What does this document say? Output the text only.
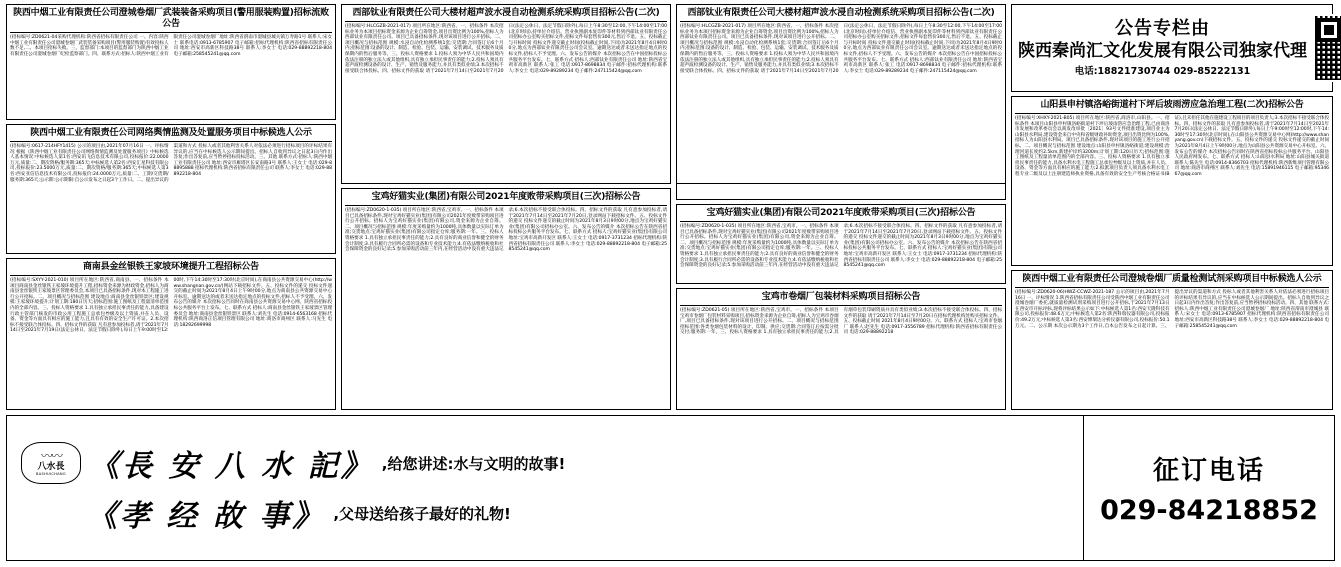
陕西中烟工业有限责任公司澄城卷烟厂武装装备采购项目(警用服装购置)招标流败公告
(招标编号:ZD0621-04采购代理机构:陕西省招标有限责任公司 一、内容:陕西中烟工业有限责任公司澄城卷烟厂武装装备采购项目(警用服装购置)有效投标人数不足,二、本项目招标失败。三、监督部门:本项目的监督部门为陕西中烟工业有限责任公司澄城卷烟厂纪检监察部门。四、联系方式:招标人:陕西中烟工业有限责任公司澄城卷烟厂地址:陕西省渭南市澄城县城关镇万寿路1号 联系人:宋女士 联系电话:0913-6785907 电子邮箱:招标代理机构:陕西省招标有限责任公司 地址:西安市高新区科技路38号 联系人:李女士 电话:029-88892218-804 电子邮箱:258545241@qq.com
陕西中烟工业有限责任公司网络舆情监测及处置服务项目中标候选人公示
(招标编号:0617-214HFY1415) 公示的项目由,2021年07月16日 一、评标情况 根据《陕西中烟工业有限责任公司网络舆情监测及处置服务项目》中标候选人基本情况:中标候选人第1名:西安讯飞信息技术有限公司,投标报价:22.0000万元,质量:二、期次资格/服务期:365天;中标候选人第2名:西安汇星科技有限公司,投标报价:23.5000万元,质量:二、期次资格/服务期:365天;中标候选人第3名:西安亚信信息技术有限公司,投标报价:24.0000万元,质量:二、工期/交货期/服务期:365天;公示期:公示期限:自公示发布之日起3个工作日。二、提出异议的渠道和方式 投标人或者其他利害关系人对依法必须进行招标项目的评标结果有异议的,应当在中标候选人公示期间提出。招标人自收到异议之日起3日内作出答复;作出答复前,应当暂停招标投标活动。三、其他 联系方式:招标人:陕西中烟工业有限责任公司 地址:西安市雁塔区长安南路3号 联系人:王女士 电话:029-88895888 招标代理机构:陕西省招标有限责任公司 联系人:李女士 电话:029-88892218-804
商南县金丝银铁王家坡环境提升工程招标公告
(招标编号:SXYY-2021-010) 项目所在地区:陕西省,商南县。一、招标条件 本项目商南县金丝银铁王家坡环境提升工程,招标资金来源为财政资金,招标人为商南县金丝银铁王家坡景区管理委员会,本项目已具备招标条件,现对本工程施工进行公开招标。二、项目概况与招标范围 建设地点:商南县金丝银铁景区;建设规模:王家坡环境提升;计划工期:180日历天;招标范围:施工图纸及工程量清单范围内的全部内容。三、投标人资格要求 1.具有独立承担民事责任的能力,具备建设行政主管部门核发的市政公用工程施工总承包叁级及以上资质,并在人员、设备、资金等方面具有相应的施工能力,且具有有效的安全生产许可证。2.本次招标不接受联合体投标。四、招标文件的获取 凡有意参加投标者,请于2021年7月14日至2021年7月19日(法定公休日、法定节假日除外),每日上午9:00时至12:00时,下午14:30时至17:30时(北京时间),在商南县公共资源交易中心(http://www.shangnan.gov.cn/)网站下载招标文件。五、投标文件的递交 投标文件递交的截止时间为2021年8月4日上午9时00分,地点为商南县公共资源交易中心开标室。逾期送达的或者未送达指定地点的投标文件,招标人不予受理。六、发布公告的媒介 本次招标公告同时在商南县公共资源交易中心网、陕西省招标投标公共服务平台上发布。七、联系方式 招标人:商南县金丝银铁王家坡景区管理委员会 地址:商南县金丝银铁景区 联系人:刘先生 电话:0914-6563168 招标代理机构:陕西商洛正信项目管理有限公司 地址:商洛市商州区 联系人:马先生 电话:18292699998
西部钛业有限责任公司大楼材超声波水浸自动检测系统采购项目招标公告(二次)
(招标编号:HLCGZB-2021-017) 项目所在地区:陕西省。一、招标条件 本次招标业务为本项目招标资金来源为企业自筹资金,项目出资比例为100%,招标人为西部钛业有限责任公司。项目已具备招标条件,现对该项目进行公开招标。二、项目概况与招标范围 规模:水浸自动化检测系统1套;交货期:合同签订后6个月内;招标范围:设备的设计、制造、检验、包装、运输、安装调试、技术服务及质保期内的售后服务等。三、投标人资格要求 1.投标人须为中华人民共和国境内依法注册的独立法人或其他组织,具有独立承担民事责任的能力;2.投标人须具有超声波检测设备的设计、生产、销售及服务能力,并具有类似业绩;3.本次招标不接受联合体投标。四、招标文件的获取 请于2021年7月14日至2021年7月20日(法定公休日、法定节假日除外),每日上午8:30至12:00,下午14:00至17:00(北京时间),持单位介绍信、营业执照副本复印件等材料到西部钛业有限责任公司招标办公室购买招标文件,招标文件每套售价300元,售后不退。五、投标截止与开标时间 投标文件递交截止时间(投标截止时间,下同)为2021年8月4日9时00分,地点为西部钛业有限责任公司会议室。逾期送达或者未送达指定地点的投标文件,招标人不予受理。六、发布公告的媒介 本次招标公告在中国招标投标公共服务平台发布。七、联系方式 招标人:西部钛业有限责任公司 地址:陕西省宝鸡市高新区 联系人:张工 电话:0917-8698834 电子邮件:招标代理机构:联系人:李女士 电话:029-89289234 电子邮件:247115424@qq.com
宝鸡好猫实业(集团)有限公司2021年度败带采购项目(三次)招标公告
(招标编号:ZD0620-1-035) 项目所在地区:陕西省,宝鸡市。一、招标条件 本项目已具备招标条件,现对宝鸡好猫实业(集团)有限公司2021年度败带采购项目进行公开招标。招标人为宝鸡好猫实业(集团)有限公司,资金来源为企业自筹。二、项目概况与招标范围 规模:年度采购量约为1000吨,具体数量以实际订单为准;交货地点:宝鸡好猫实业(集团)有限公司指定仓库;服务期:一年。三、投标人资格要求 1.具有独立承担民事责任的能力;2.具有良好的商业信誉和健全的财务会计制度;3.具有履行合同所必需的设备和专业技术能力;4.有依法缴纳税收和社会保障资金的良好记录;5.参加采购活动前三年内,在经营活动中没有重大违法记录;6.本次招标不接受联合体投标。四、招标文件的获取 凡有意参加投标者,请于2021年7月14日至2021年7月20日,登录网站下载招标文件。五、投标文件的递交 投标文件递交的截止时间为2021年8月3日9时00分,地点为宝鸡好猫实业(集团)有限公司招标办公室。六、发布公告的媒介 本次招标公告在陕西省招标投标公共服务平台发布。七、联系方式 招标人:宝鸡好猫实业(集团)有限公司 地址:宝鸡市高新开发区 联系人:王女士 电话:0917-3731234 招标代理机构:陕西省招标有限责任公司 联系人:李女士 电话:029-88892218-804 电子邮箱:258545241@qq.com
公告专栏由
陕西秦尚汇文化发展有限公司独家代理
电话:18821730744 029-85222131
山阳县申村镇洛峪街道村下坪后坡雨涝应急治理工程(二次)招标公告
(招标编号:XHXY-2021-B05) 项目所在地区:陕西省,商洛市,山阳县。一、招标条件 本项目山阳县申村镇洛峪街道村下坪后坡雨涝应急治理工程,已由商洛市发展和改革委员会以商发改审批〔2021〕93号文件批准建设,项目业主为山阳县水利局,建设资金来自中央和省级财政补助资金,项目出资比例为100%,招标人为山阳县水利局。项目已具备招标条件,现对该项目的施工进行公开招标。二、项目概况与招标范围 建设地点:山阳县申村镇洛峪街道;建设规模:治理河道长度约2.5km,新建护岸约3200m;计划工期:120日历天;招标范围:施工图纸及工程量清单范围内的全部内容。三、投标人资格要求 1.具有独立承担民事责任的能力,具备水利水电工程施工总承包叁级及以上资质,并在人员、设备、资金等方面具有相应的施工能力;2.拟派项目负责人须具备水利水电工程专业二级及以上注册建造师执业资格,具备有效的安全生产考核合格证书(B证),且未担任其他在施建设工程项目的项目负责人;3.本次招标不接受联合体投标。四、招标文件的获取 凡有意参加投标者,请于2021年7月14日至2021年7月20日(法定公休日、法定节假日除外),每日上午9:00时至12:00时,下午14:30时至17:30时(北京时间),在山阳县公共资源交易中心网(http://www.shanyang.gov.cn)下载招标文件。五、投标文件的递交 投标文件递交的截止时间为2021年8月4日上午9时00分,地点为山阳县公共资源交易中心开标室。六、发布公告的媒介 本次招标公告同时在陕西省招标投标公共服务平台、山阳县人民政府网发布。七、联系方式 招标人:山阳县水利局 地址:山阳县城关街道 联系人:陈先生 电话:0914-8366703 招标代理机构:陕西新维项目管理有限公司 地址:商洛市商州区 联系人:刘先生 电话:15891946115 电子邮箱:9534667@qq.com
陕西中烟工业有限责任公司澄城卷烟厂质量检测试剂采购项目中标候选人公示
(招标编号:ZD0620-06)HWZ-CCWZ-2021-187 公示的项目由,2021年7月16日 一、评标情况 1.陕西省招标有限责任公司受陕西中烟工业有限责任公司澄城卷烟厂委托,就质量检测试剂采购项目进行公开招标,于2021年7月13日在西安市开标评标,现将评标结果公示如下:中标候选人第1名:西安天隆科技有限公司,投标报价:48.6万元;中标候选人第2名:陕西科瑞仪器有限公司,投标报价:49.2万元;中标候选人第3名:西安博瑞达分析仪器有限公司,投标报价:50.1万元。二、公示期 本次公示期为3个工作日,自本公告发布之日起计算。三、提出异议的渠道和方式 投标人或者其他利害关系人对依法必须进行招标项目的评标结果有异议的,应当在中标候选人公示期间提出。招标人自收到异议之日起3日内作出答复;作出答复前,应当暂停招标投标活动。四、其他 联系方式:招标人:陕西中烟工业有限责任公司澄城卷烟厂 地址:陕西省渭南市澄城县 联系人:宋女士 电话:0913-6785907 招标代理机构:陕西省招标有限责任公司 地址:西安市高新区科技路38号 联系人:李女士 电话:029-88892218-804 电子邮箱:258545241@qq.com
西部钛业有限责任公司大楼材超声波水浸自动检测系统采购项目招标公告(二次)
(招标编号:HLCGZB-2021-017) 项目所在地区:陕西省。一、招标条件 本次招标业务为本项目招标资金来源为企业自筹资金,项目出资比例为100%,招标人为西部钛业有限责任公司。项目已具备招标条件,现对该项目进行公开招标。二、项目概况与招标范围 规模:水浸自动化检测系统1套;交货期:合同签订后6个月内;招标范围:设备的设计、制造、检验、包装、运输、安装调试、技术服务及质保期内的售后服务等。三、投标人资格要求 1.投标人须为中华人民共和国境内依法注册的独立法人或其他组织,具有独立承担民事责任的能力;2.投标人须具有超声波检测设备的设计、生产、销售及服务能力,并具有类似业绩;3.本次招标不接受联合体投标。四、招标文件的获取 请于2021年7月14日至2021年7月20日(法定公休日、法定节假日除外),每日上午8:30至12:00,下午14:00至17:00(北京时间),持单位介绍信、营业执照副本复印件等材料到西部钛业有限责任公司招标办公室购买招标文件,招标文件每套售价300元,售后不退。五、投标截止与开标时间 投标文件递交截止时间(投标截止时间,下同)为2021年8月4日9时00分,地点为西部钛业有限责任公司会议室。逾期送达或者未送达指定地点的投标文件,招标人不予受理。六、发布公告的媒介 本次招标公告在中国招标投标公共服务平台发布。七、联系方式 招标人:西部钛业有限责任公司 地址:陕西省宝鸡市高新区 联系人:张工 电话:0917-8698834 电子邮件:招标代理机构:联系人:李女士 电话:029-89289234 电子邮件:247115424@qq.com
宝鸡好猫实业(集团)有限公司2021年度败带采购项目(三次)招标公告
(招标编号:ZD0620-1-035) 项目所在地区:陕西省,宝鸡市。一、招标条件 本项目已具备招标条件,现对宝鸡好猫实业(集团)有限公司2021年度败带采购项目进行公开招标。招标人为宝鸡好猫实业(集团)有限公司,资金来源为企业自筹。二、项目概况与招标范围 规模:年度采购量约为1000吨,具体数量以实际订单为准;交货地点:宝鸡好猫实业(集团)有限公司指定仓库;服务期:一年。三、投标人资格要求 1.具有独立承担民事责任的能力;2.具有良好的商业信誉和健全的财务会计制度;3.具有履行合同所必需的设备和专业技术能力;4.有依法缴纳税收和社会保障资金的良好记录;5.参加采购活动前三年内,在经营活动中没有重大违法记录;6.本次招标不接受联合体投标。四、招标文件的获取 凡有意参加投标者,请于2021年7月14日至2021年7月20日,登录网站下载招标文件。五、投标文件的递交 投标文件递交的截止时间为2021年8月3日9时00分,地点为宝鸡好猫实业(集团)有限公司招标办公室。六、发布公告的媒介 本次招标公告在陕西省招标投标公共服务平台发布。七、联系方式 招标人:宝鸡好猫实业(集团)有限公司 地址:宝鸡市高新开发区 联系人:王女士 电话:0917-3731234 招标代理机构:陕西省招标有限责任公司 联系人:李女士 电话:029-88892218-804 电子邮箱:258545241@qq.com
宝鸡市卷烟厂包装材料采购项目招标公告
(招标编号:ZD0621-05) 项目所在地区:陕西省,宝鸡市。一、招标条件 本项目宝鸡市卷烟厂包装材料采购项目,招标资金来源为企业自筹,招标人为宝鸡市卷烟厂,项目已具备招标条件,现对该项目进行公开招标。二、项目概况与招标范围 招标范围:各类卷烟包装材料的设计、印制、供应;交货期:合同签订后按需分批交付;服务期:一年。三、投标人资格要求 1.具有独立承担民事责任的能力;2.具有烟草包装印刷资质并具有类似业绩;3.本次招标不接受联合体投标。四、招标文件的获取 请于2021年7月14日至7月20日在招标代理机构处购买招标文件。五、投标截止时间 2021年8月4日9时00分。六、联系方式 招标人:宝鸡市卷烟厂 联系人:赵先生 电话:0917-3556789 招标代理机构:陕西省招标有限责任公司 电话:029-88892218
〰〰
八水長
BASHUICHANG 《長 安 八 水 記》 ,给您讲述:水与文明的故事!
《孝 经 故 事》 ,父母送给孩子最好的礼物!
征订电话
029-84218852
